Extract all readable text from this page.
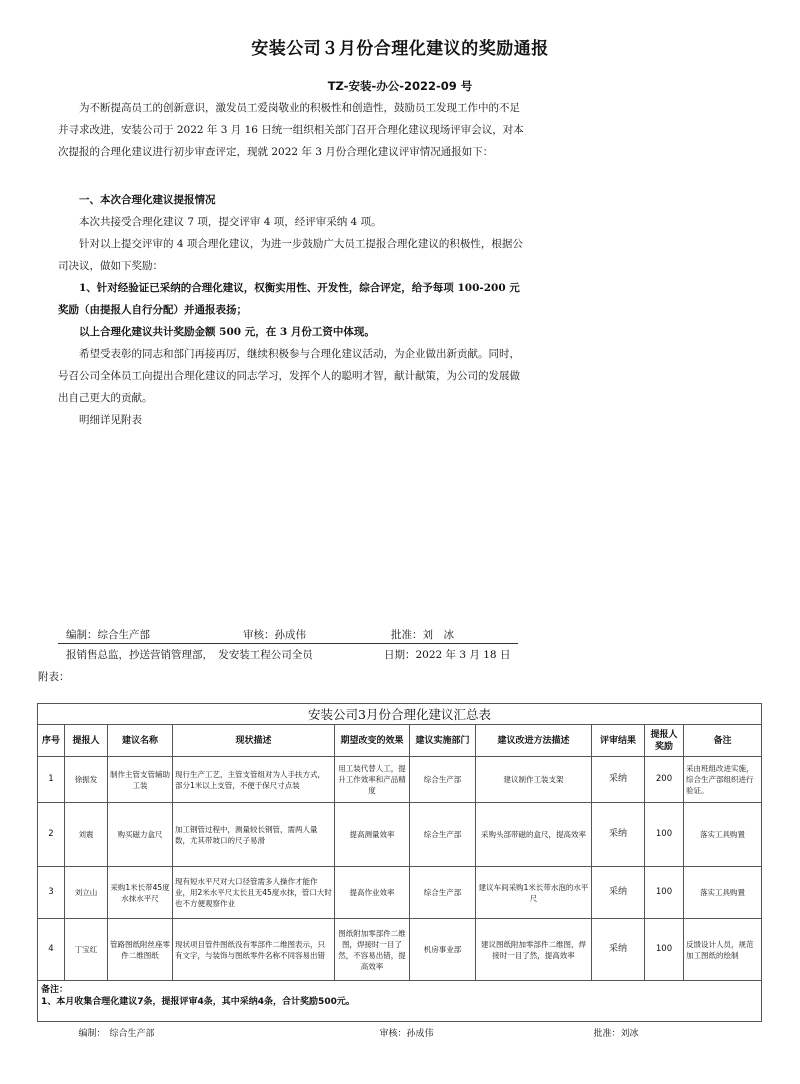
安装公司３月份合理化建议的奖励通报
TZ-安装-办公-2022-09 号
为不断提高员工的创新意识，激发员工爱岗敬业的积极性和创造性，鼓励员工发现工作中的不足并寻求改进，安装公司于 2022 年 3 月 16 日统一组织相关部门召开合理化建议现场评审会议，对本次提报的合理化建议进行初步审查评定，现就 2022 年 3 月份合理化建议评审情况通报如下：
一、本次合理化建议提报情况
本次共接受合理化建议 7 项，提交评审 4 项，经评审采纳 4 项。
针对以上提交评审的 4 项合理化建议，为进一步鼓励广大员工提报合理化建议的积极性，根据公司决议，做如下奖励：
1、针对经验证已采纳的合理化建议，权衡实用性、开发性，综合评定，给予每项 100-200 元奖励（由提报人自行分配）并通报表扬；
以上合理化建议共计奖励金额 500 元，在 3 月份工资中体现。
希望受表彰的同志和部门再接再厉，继续积极参与合理化建议活动，为企业做出新贡献。同时，号召公司全体员工向提出合理化建议的同志学习，发挥个人的聪明才智，献计献策，为公司的发展做出自己更大的贡献。
明细详见附表
编制：综合生产部	审核：孙成伟	批准：刘　冰
报销售总监，抄送营销管理部，　发安装工程公司全员	日期：2022 年 3 月 18 日
附表：
安装公司3月份合理化建议汇总表									
序号	提报人	建议名称	现状描述	期望改变的效果	建议实施部门	建议改进方法描述	评审结果	提报人奖励	备注
1	徐振发	制作主管支管辅助工装	现行生产工艺，主管支管组对为人手扶方式，部分1米以上支管，不便于保尺寸点装	用工装代替人工，提升工作效率和产品精度	综合生产部	建议制作工装支架	采纳	200	采由班组改进实施，综合生产部组织进行验证。
2	刘震	购买磁力盒尺	加工钢管过程中，测量较长钢管，需两人量数，尤其带坡口的尺子易滑	提高测量效率	综合生产部	采购头部带磁的盒尺，提高效率	采纳	100	落实工具购置
3	刘立山	采购1米长带45度水抹水平尺	现有短水平尺对大口径管需多人操作才能作业，用2米水平尺太长且无45度水抹，管口大时也不方便观察作业	提高作业效率	综合生产部	建议车间采购1米长带水泡的水平尺	采纳	100	落实工具购置
4	丁宝红	管路图纸附丝座零件二维图纸	现状项目管件图纸没有零部件二维图表示，只有文字，与装饰与图纸零件名称不同容易出错	图纸附加零部件二维图，焊接时一目了然，不容易出错，提高效率	机房事业部	建议图纸附加零部件二维图，焊接时一目了然，提高效率	采纳	100	反馈设计人员，规范加工图纸的绘制

备注：
1、本月收集合理化建议7条，提报评审4条，其中采纳4条，合计奖励500元。									

编制：		综合生产部		审核：孙成伟			批准：刘冰		
